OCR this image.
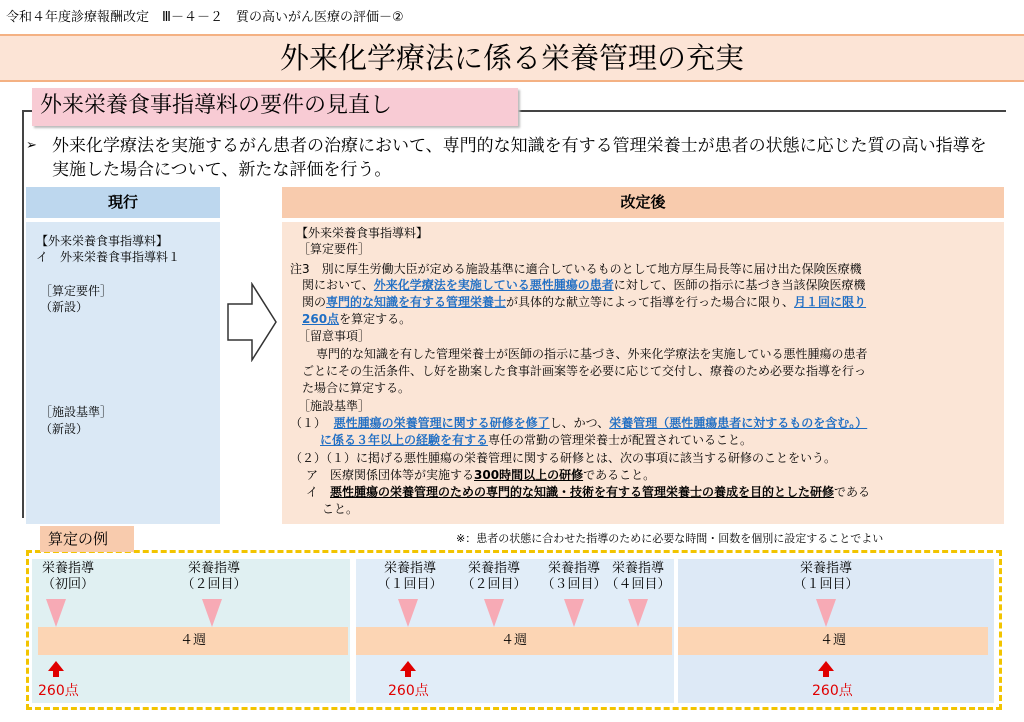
令和４年度診療報酬改定　Ⅲ－４－２　質の高いがん医療の評価－②
外来化学療法に係る栄養管理の充実
外来栄養食事指導料の要件の見直し
➢ 外来化学療法を実施するがん患者の治療において、専門的な知識を有する管理栄養士が患者の状態に応じた質の高い指導を実施した場合について、新たな評価を行う。
現行
【外来栄養食事指導料】
イ　外来栄養食事指導料１
［算定要件］
（新設）
［施設基準］
（新設）
改定後
【外来栄養食事指導料】
［算定要件］
注3　別に厚生労働大臣が定める施設基準に適合しているものとして地方厚生局長等に届け出た保険医療機
関において、外来化学療法を実施している悪性腫瘍の患者に対して、医師の指示に基づき当該保険医療機
関の専門的な知識を有する管理栄養士が具体的な献立等によって指導を行った場合に限り、月１回に限り
260点を算定する。
［留意事項］
専門的な知識を有した管理栄養士が医師の指示に基づき、外来化学療法を実施している悪性腫瘍の患者
ごとにその生活条件、し好を勘案した食事計画案等を必要に応じて交付し、療養のため必要な指導を行っ
た場合に算定する。
［施設基準］
（１） 悪性腫瘍の栄養管理に関する研修を修了し、かつ、栄養管理（悪性腫瘍患者に対するものを含む。）
に係る３年以上の経験を有する専任の常勤の管理栄養士が配置されていること。
（２）（１）に掲げる悪性腫瘍の栄養管理に関する研修とは、次の事項に該当する研修のことをいう。
ア　医療関係団体等が実施する300時間以上の研修であること。
イ　悪性腫瘍の栄養管理のための専門的な知識・技術を有する管理栄養士の養成を目的とした研修である
こと。
算定の例	※：患者の状態に合わせた指導のために必要な時間・回数を個別に設定することでよい
栄養指導
（初回）
栄養指導
（２回目）
４週
260点
栄養指導
（１回目）
栄養指導
（２回目）
栄養指導
（３回目）
栄養指導
（４回目）
４週
260点
栄養指導
（１回目）
４週
260点
